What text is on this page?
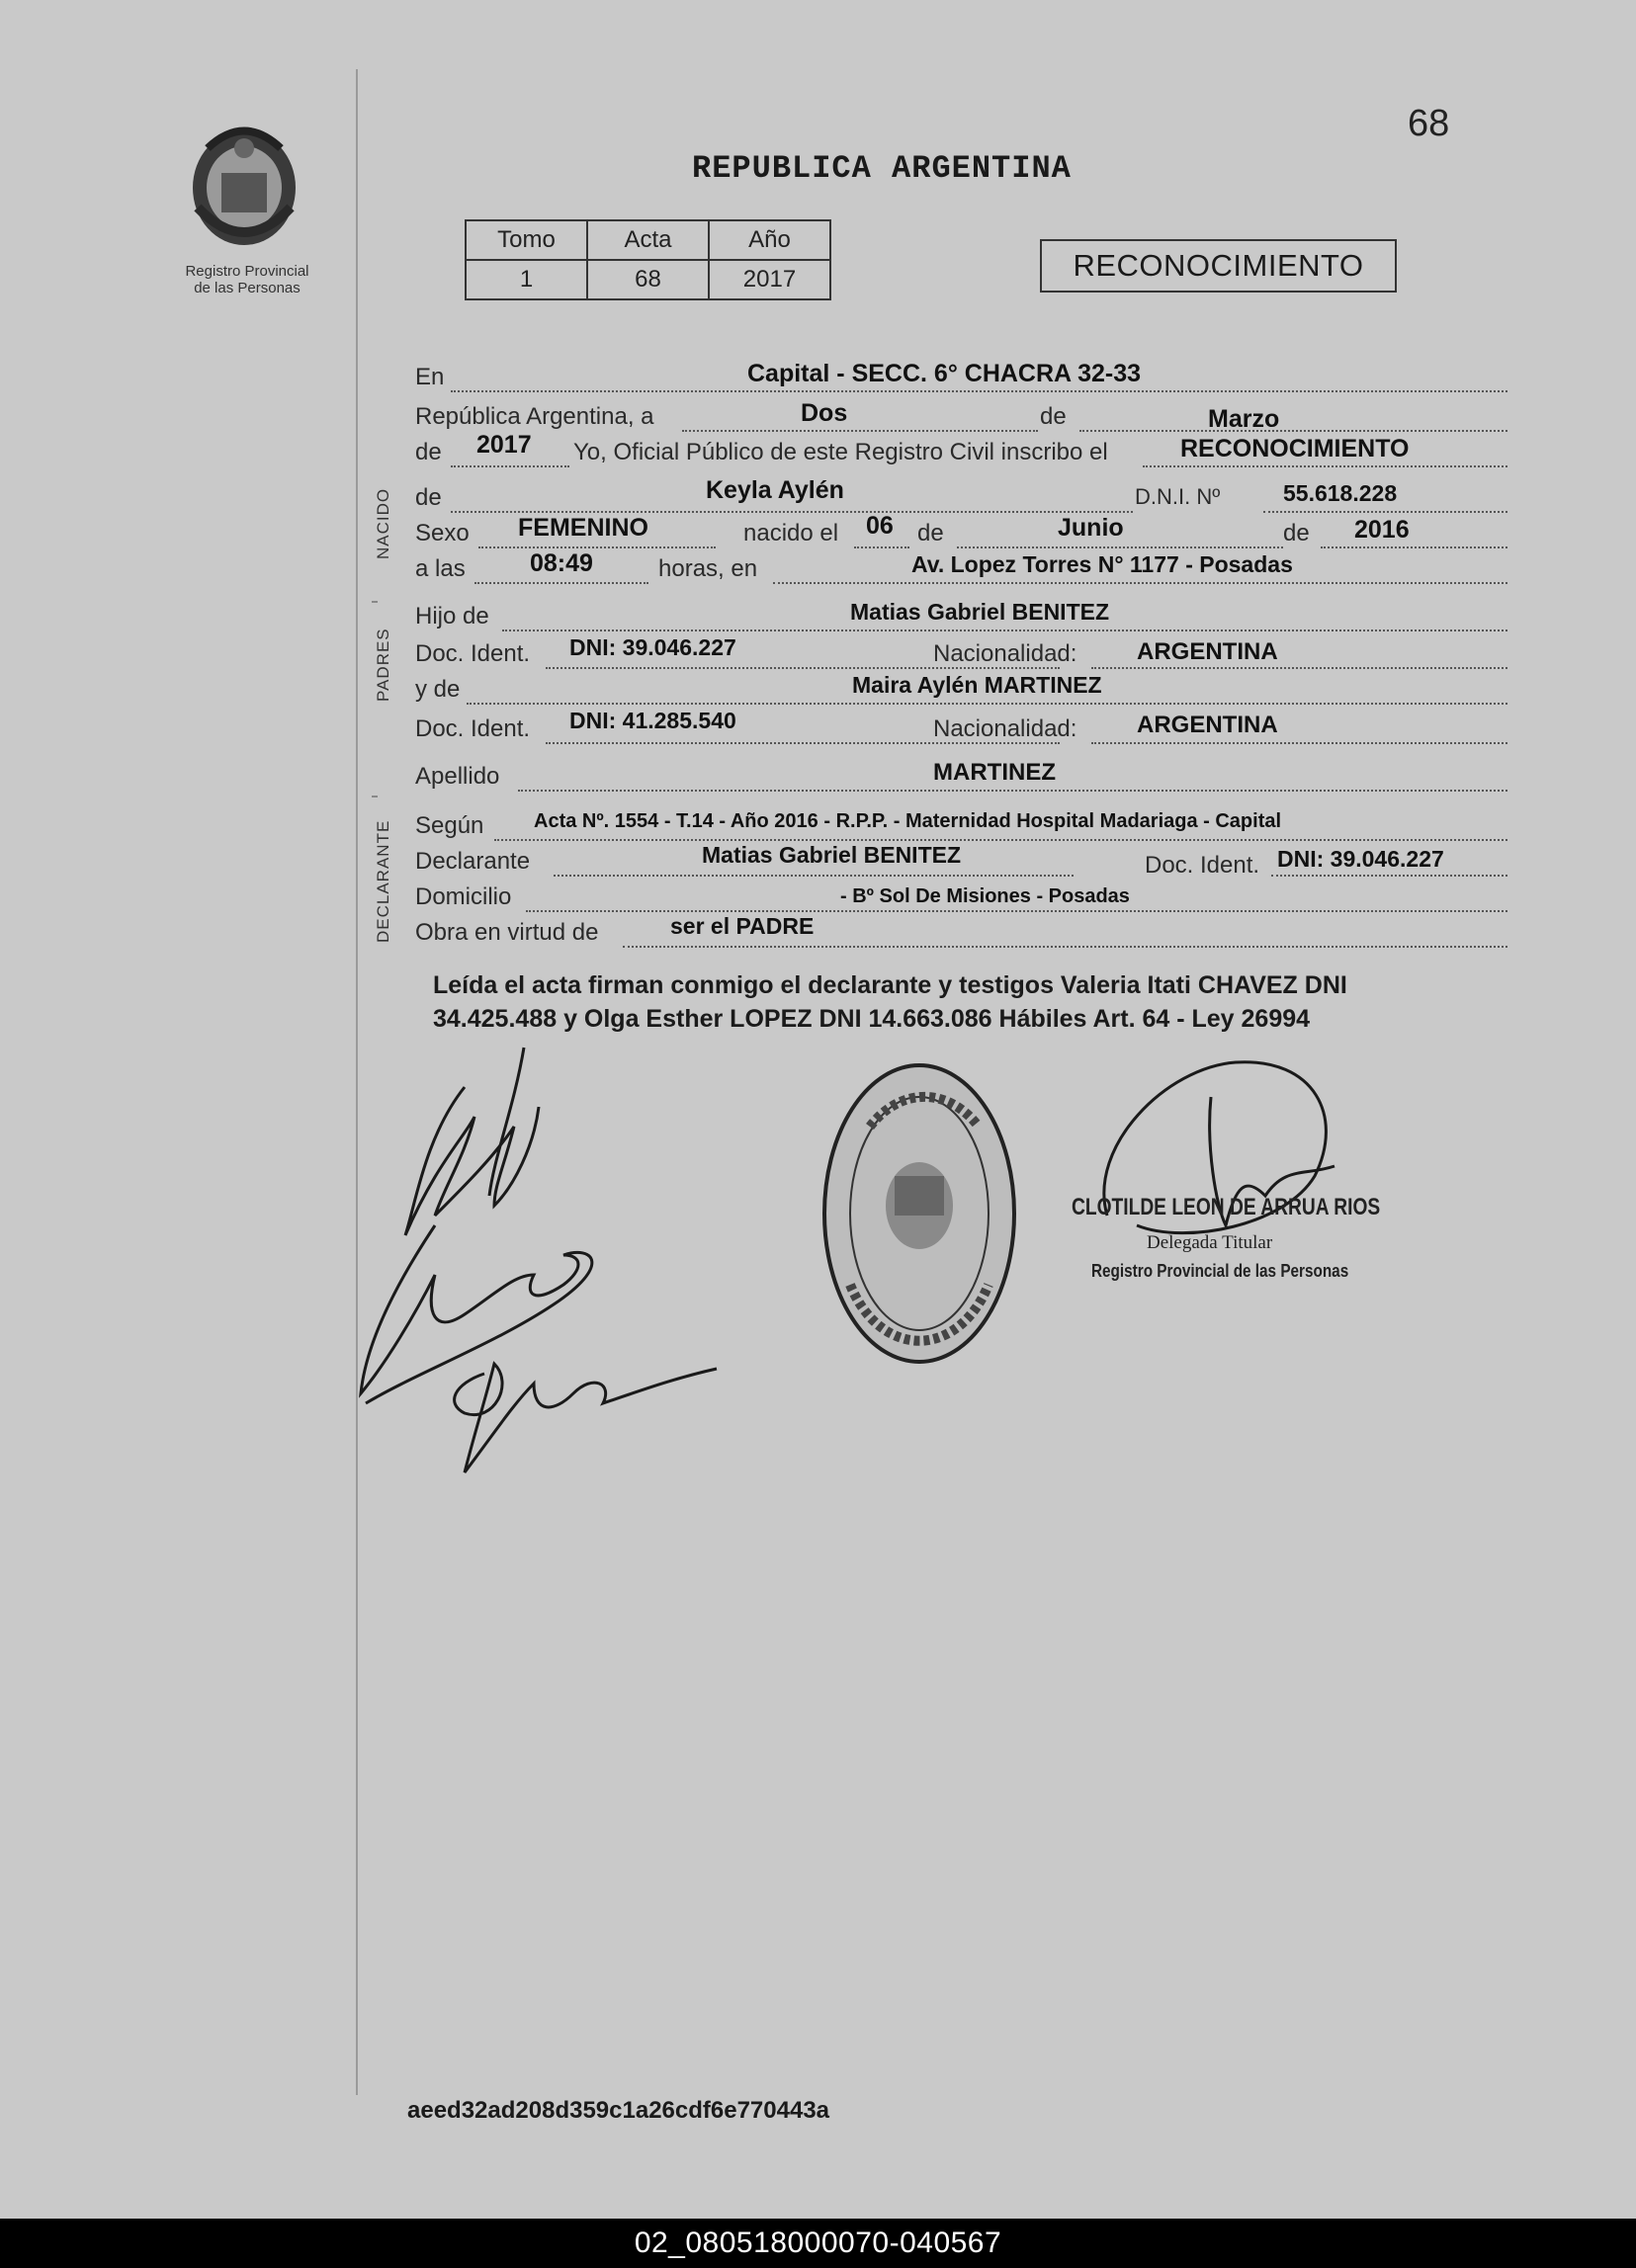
02_080518000070-040567
68
Registro Provincial
de las Personas
REPUBLICA ARGENTINA
Tomo	Acta	Año
1	68	2017	RECONOCIMIENTO
NACIDO
PADRES
DECLARANTE
En	Capital - SECC. 6° CHACRA 32-33
República Argentina, a	Dos	de	Marzo
de 2017 Yo, Oficial Público de este Registro Civil inscribo el	RECONOCIMIENTO
de	Keyla Aylén	D.N.I. Nº	55.618.228
Sexo FEMENINO	nacido el 06 de	Junio	de 2016
a las	08:49	horas, en	Av. Lopez Torres N° 1177 - Posadas
Hijo de	Matias Gabriel BENITEZ
Doc. Ident. DNI: 39.046.227	Nacionalidad:	ARGENTINA
y de	Maira Aylén MARTINEZ
Doc. Ident. DNI: 41.285.540	Nacionalidad:	ARGENTINA
Apellido	MARTINEZ
Según	Acta Nº. 1554 - T.14 - Año 2016 - R.P.P. - Maternidad Hospital Madariaga - Capital
Declarante	Matias Gabriel BENITEZ	Doc. Ident. DNI: 39.046.227
Domicilio	- Bº Sol De Misiones - Posadas
Obra en virtud de	ser el PADRE
Leída el acta firman conmigo el declarante y testigos Valeria Itati CHAVEZ DNI 34.425.488 y Olga Esther LOPEZ DNI 14.663.086 Hábiles Art. 64 - Ley 26994
CLOTILDE LEON DE ARRUA RIOS
Delegada Titular
Registro Provincial de las Personas
aeed32ad208d359c1a26cdf6e770443a
